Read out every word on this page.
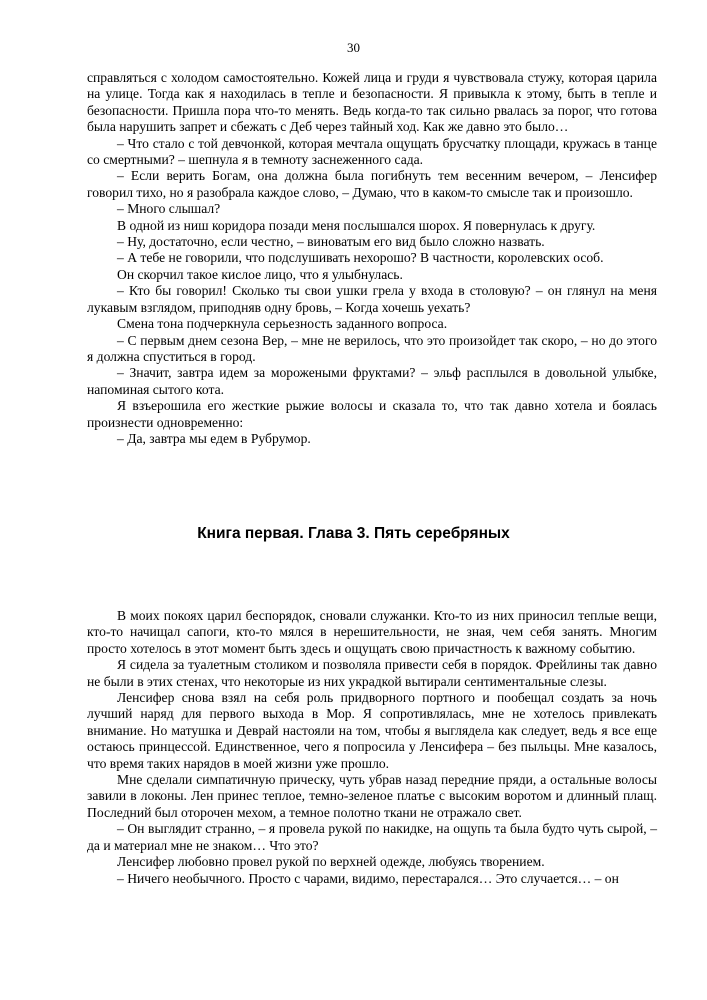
30

справляться с холодом самостоятельно. Кожей лица и груди я чувствовала стужу, которая царила на улице. Тогда как я находилась в тепле и безопасности. Я привыкла к этому, быть в тепле и безопасности. Пришла пора что-то менять. Ведь когда-то так сильно рвалась за порог, что готова была нарушить запрет и сбежать с Деб через тайный ход. Как же давно это было…

– Что стало с той девчонкой, которая мечтала ощущать брусчатку площади, кружась в танце со смертными? – шепнула я в темноту заснеженного сада.

– Если верить Богам, она должна была погибнуть тем весенним вечером, – Ленсифер говорил тихо, но я разобрала каждое слово, – Думаю, что в каком-то смысле так и произошло.

– Много слышал?

В одной из ниш коридора позади меня послышался шорох. Я повернулась к другу.

– Ну, достаточно, если честно, – виноватым его вид было сложно назвать.

– А тебе не говорили, что подслушивать нехорошо? В частности, королевских особ.

Он скорчил такое кислое лицо, что я улыбнулась.

– Кто бы говорил! Сколько ты свои ушки грела у входа в столовую? – он глянул на меня лукавым взглядом, приподняв одну бровь, – Когда хочешь уехать?

Смена тона подчеркнула серьезность заданного вопроса.

– С первым днем сезона Вер, – мне не верилось, что это произойдет так скоро, – но до этого я должна спуститься в город.

– Значит, завтра идем за морожеными фруктами? – эльф расплылся в довольной улыбке, напоминая сытого кота.

Я взъерошила его жесткие рыжие волосы и сказала то, что так давно хотела и боялась произнести одновременно:

– Да, завтра мы едем в Рубрумор.

Книга первая. Глава 3. Пять серебряных

В моих покоях царил беспорядок, сновали служанки. Кто-то из них приносил теплые вещи, кто-то начищал сапоги, кто-то мялся в нерешительности, не зная, чем себя занять. Многим просто хотелось в этот момент быть здесь и ощущать свою причастность к важному событию.

Я сидела за туалетным столиком и позволяла привести себя в порядок. Фрейлины так давно не были в этих стенах, что некоторые из них украдкой вытирали сентиментальные слезы.

Ленсифер снова взял на себя роль придворного портного и пообещал создать за ночь лучший наряд для первого выхода в Мор. Я сопротивлялась, мне не хотелось привлекать внимание. Но матушка и Деврай настояли на том, чтобы я выглядела как следует, ведь я все еще остаюсь принцессой. Единственное, чего я попросила у Ленсифера – без пыльцы. Мне казалось, что время таких нарядов в моей жизни уже прошло.

Мне сделали симпатичную прическу, чуть убрав назад передние пряди, а остальные волосы завили в локоны. Лен принес теплое, темно-зеленое платье с высоким воротом и длинный плащ. Последний был оторочен мехом, а темное полотно ткани не отражало свет.

– Он выглядит странно, – я провела рукой по накидке, на ощупь та была будто чуть сырой, – да и материал мне не знаком… Что это?

Ленсифер любовно провел рукой по верхней одежде, любуясь творением.

– Ничего необычного. Просто с чарами, видимо, перестарался… Это случается… – он
